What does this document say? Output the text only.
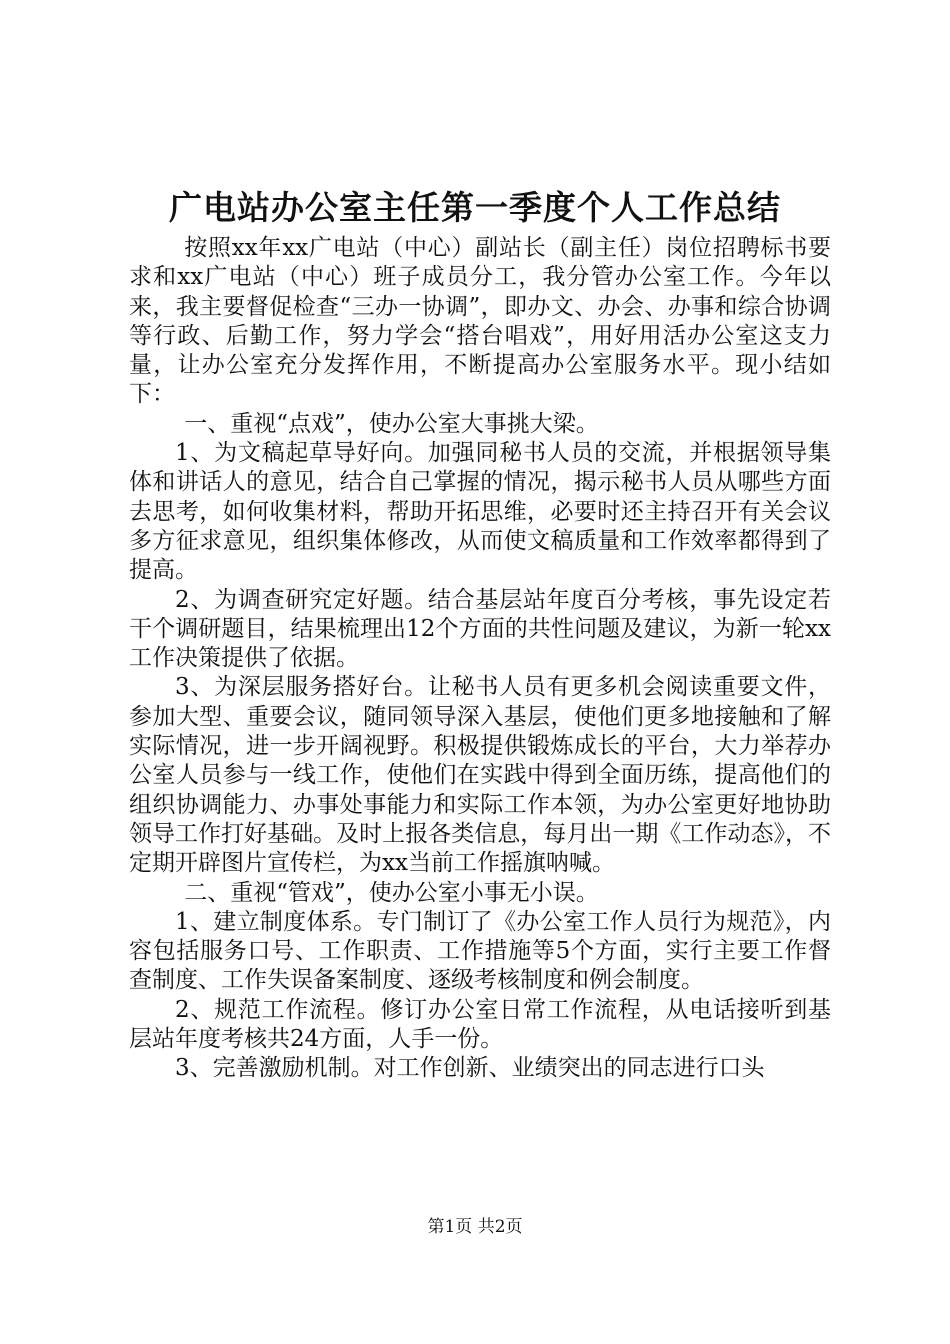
广电站办公室主任第一季度个人工作总结

按照xx年xx广电站（中心）副站长（副主任）岗位招聘标书要求和xx广电站（中心）班子成员分工，我分管办公室工作。今年以来，我主要督促检查“三办一协调”，即办文、办会、办事和综合协调等行政、后勤工作，努力学会“搭台唱戏”，用好用活办公室这支力量，让办公室充分发挥作用，不断提高办公室服务水平。现小结如下：

一、重视“点戏”，使办公室大事挑大梁。

1、为文稿起草导好向。加强同秘书人员的交流，并根据领导集体和讲话人的意见，结合自己掌握的情况，揭示秘书人员从哪些方面去思考，如何收集材料，帮助开拓思维，必要时还主持召开有关会议多方征求意见，组织集体修改，从而使文稿质量和工作效率都得到了提高。

2、为调查研究定好题。结合基层站年度百分考核，事先设定若干个调研题目，结果梳理出12个方面的共性问题及建议，为新一轮xx工作决策提供了依据。

3、为深层服务搭好台。让秘书人员有更多机会阅读重要文件，参加大型、重要会议，随同领导深入基层，使他们更多地接触和了解实际情况，进一步开阔视野。积极提供锻炼成长的平台，大力举荐办公室人员参与一线工作，使他们在实践中得到全面历练，提高他们的组织协调能力、办事处事能力和实际工作本领，为办公室更好地协助领导工作打好基础。及时上报各类信息，每月出一期《工作动态》，不定期开辟图片宣传栏，为xx当前工作摇旗呐喊。

二、重视“管戏”，使办公室小事无小误。

1、建立制度体系。专门制订了《办公室工作人员行为规范》，内容包括服务口号、工作职责、工作措施等5个方面，实行主要工作督查制度、工作失误备案制度、逐级考核制度和例会制度。

2、规范工作流程。修订办公室日常工作流程，从电话接听到基层站年度考核共24方面，人手一份。

3、完善激励机制。对工作创新、业绩突出的同志进行口头

第1页 共2页
